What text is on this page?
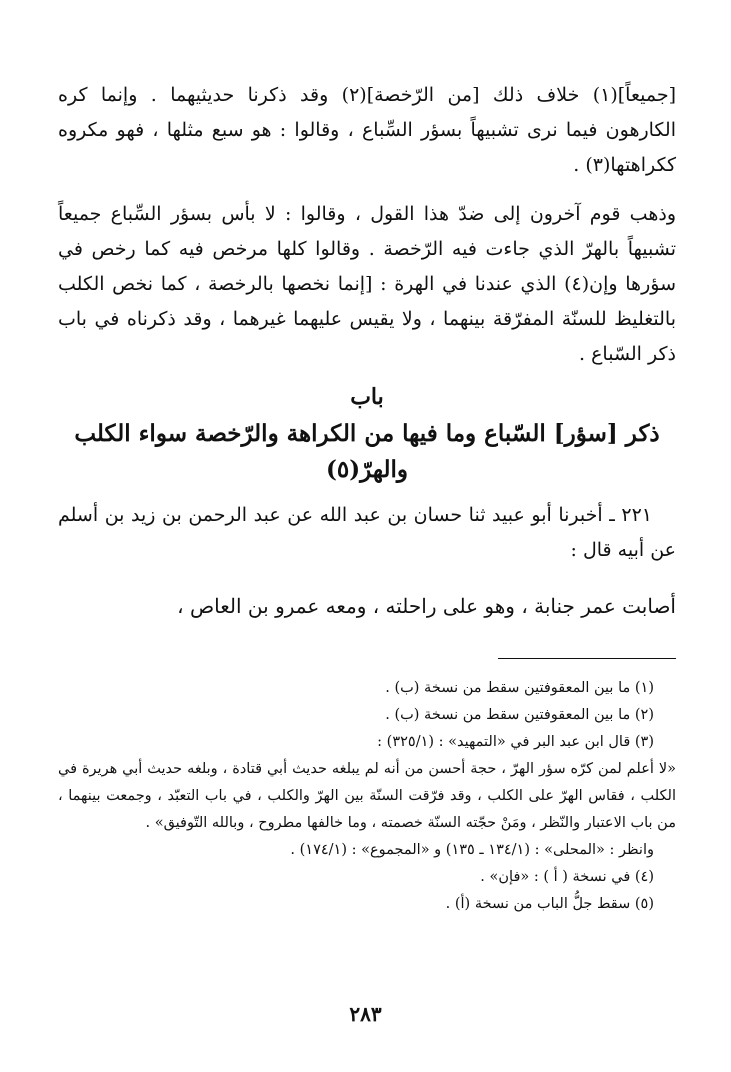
[جميعاً](١) خلاف ذلك [من الرّخصة](٢) وقد ذكرنا حديثيهما . وإنما كره الكارهون فيما نرى تشبيهاً بسؤر السِّباع ، وقالوا : هو سبع مثلها ، فهو مكروه ككراهتها(٣) .

وذهب قوم آخرون إلى ضدّ هذا القول ، وقالوا : لا بأس بسؤر السِّباع جميعاً تشبيهاً بالهرّ الذي جاءت فيه الرّخصة . وقالوا كلها مرخص فيه كما رخص في سؤرها وإن(٤) الذي عندنا في الهرة : [إنما نخصها بالرخصة ، كما نخص الكلب بالتغليظ للسنّة المفرّقة بينهما ، ولا يقيس عليهما غيرهما ، وقد ذكرناه في باب ذكر السّباع .

باب
ذكر [سؤر] السّباع وما فيها من الكراهة والرّخصة سواء الكلب والهرّ(٥)

٢٢١ ـ أخبرنا أبو عبيد ثنا حسان بن عبد الله عن عبد الرحمن بن زيد بن أسلم عن أبيه قال :

أصابت عمر جنابة ، وهو على راحلته ، ومعه عمرو بن العاص ،

(١) ما بين المعقوفتين سقط من نسخة (ب) .

(٢) ما بين المعقوفتين سقط من نسخة (ب) .

(٣) قال ابن عبد البر في «التمهيد» : (٣٢٥/١) :

«لا أعلم لمن كرّه سؤر الهرّ ، حجة أحسن من أنه لم يبلغه حديث أبي قتادة ، وبلغه حديث أبي هريرة في الكلب ، فقاس الهرّ على الكلب ، وقد فرّقت السنّة بين الهرّ والكلب ، في باب التعبّد ، وجمعت بينهما ، من باب الاعتبار والنّظر ، ومَنْ حجّته السنّة خصمته ، وما خالفها مطروح ، وبالله التّوفيق» .

وانظر : «المحلى» : (١٣٤/١ ـ ١٣٥) و «المجموع» : (١٧٤/١) .

(٤) في نسخة ( أ ) : «فإن» .

(٥) سقط جلُّ الباب من نسخة (أ) .

٢٨٣
